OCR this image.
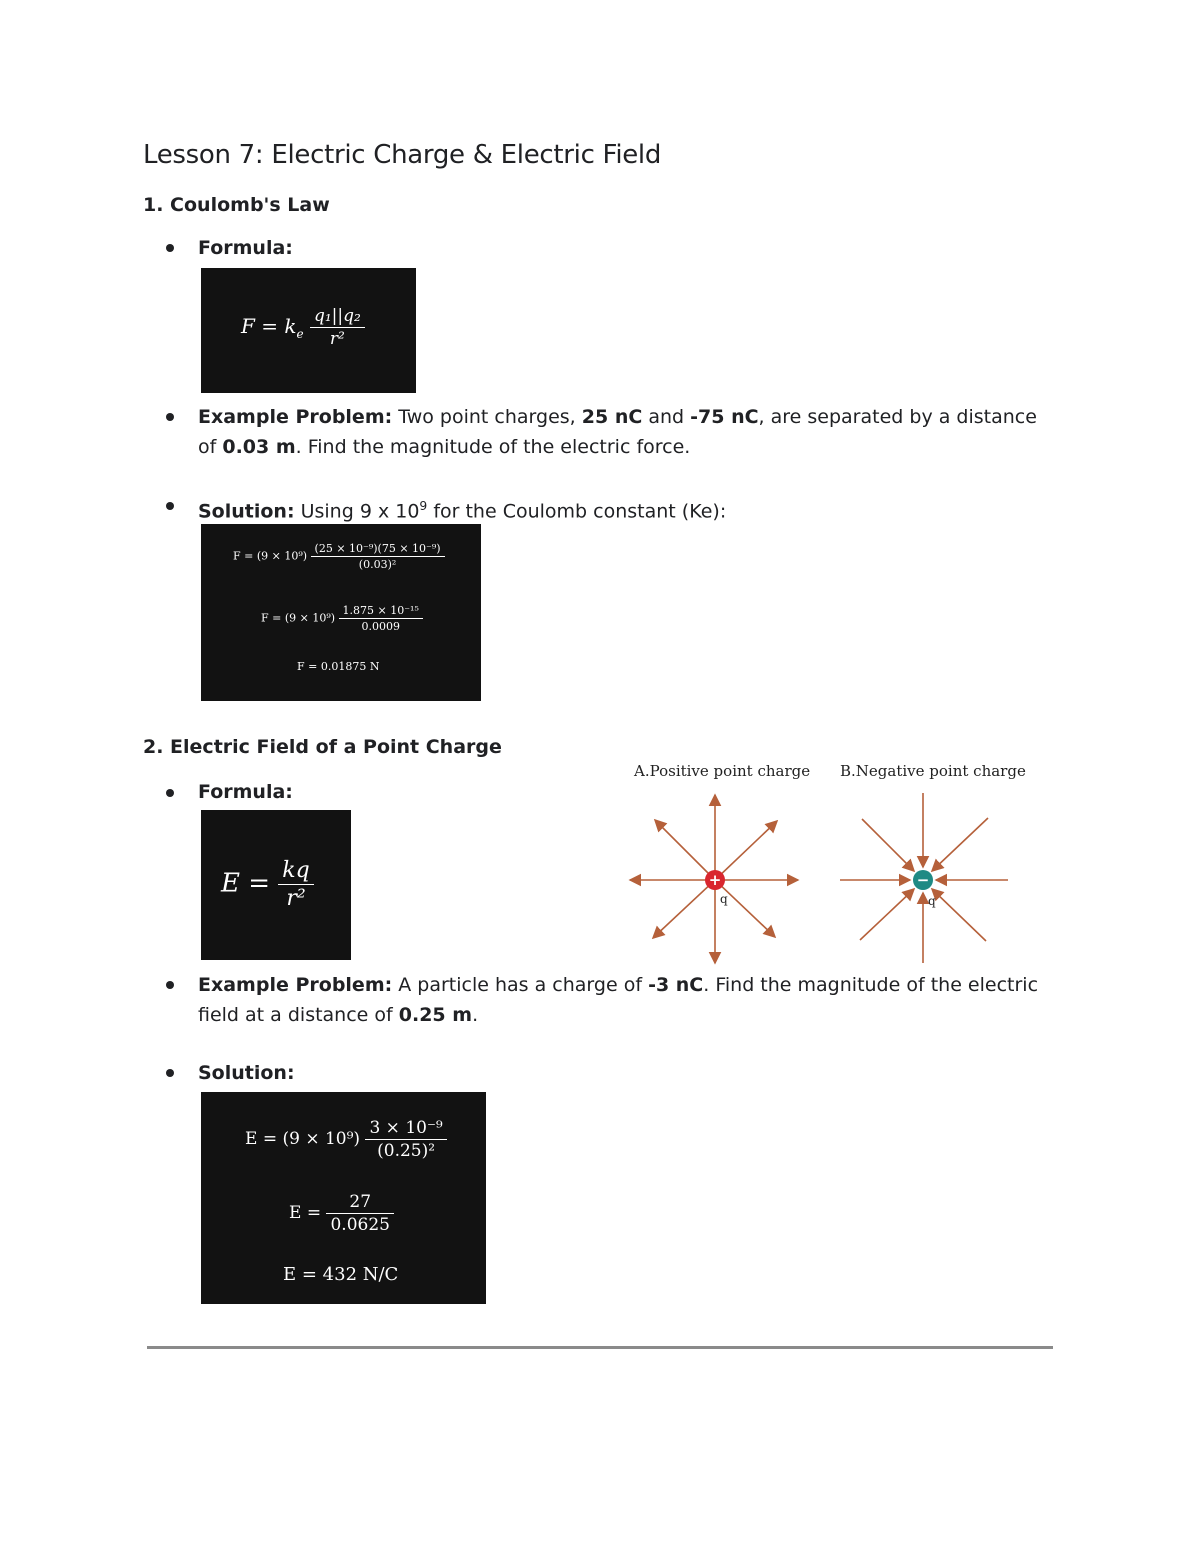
Lesson 7: Electric Charge & Electric Field
1. Coulomb's Law
Formula:
$F = k_e \frac{\text{q₁||q₂}}{\text{r²}}$
Example Problem: Two point charges, 25 nC and -75 nC, are separated by a distance of 0.03 m. Find the magnitude of the electric force.
Solution: Using 9 x $10^9$ for the Coulomb constant (Ke):
$F = (9 \times 10^9) \frac{\text{(25 × 10⁻⁹)(75 × 10⁻⁹)}}{\text{(0.03)²}}$
$F = (9 \times 10^9) \frac{\text{1.875 × 10⁻¹⁵}}{0.0009}$
F = 0.01875 N
2. Electric Field of a Point Charge
Formula:
$E = \frac{kq}{\text{r²}}$
A.Positive point charge B.Negative point charge
+
q
−
q
Example Problem: A particle has a charge of -3 nC. Find the magnitude of the electric field at a distance of 0.25 m.
Solution:
$E = (9 \times 10^9) \frac{\text{3 × 10⁻⁹}}{\text{(0.25)²}}$
$E = \frac{27}{0.0625}$
E = 432 N/C
